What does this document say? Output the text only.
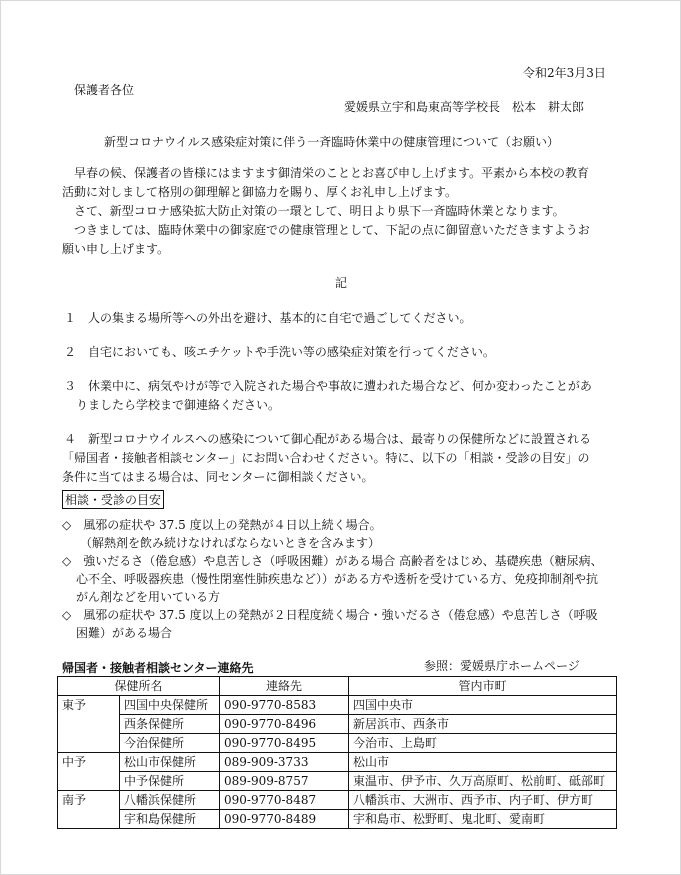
令和2年3月3日
保護者各位
愛媛県立宇和島東高等学校長　松本　耕太郎
新型コロナウイルス感染症対策に伴う一斉臨時休業中の健康管理について（お願い）

早春の候、保護者の皆様にはますます御清栄のこととお喜び申し上げます。平素から本校の教育

活動に対しまして格別の御理解と御協力を賜り、厚くお礼申し上げます。

さて、新型コロナ感染拡大防止対策の一環として、明日より県下一斉臨時休業となります。

つきましては、臨時休業中の御家庭での健康管理として、下記の点に御留意いただきますようお

願い申し上げます。

記
１　人の集まる場所等への外出を避け、基本的に自宅で過ごしてください。
２　自宅においても、咳エチケットや手洗い等の感染症対策を行ってください。

３　休業中に、病気やけが等で入院された場合や事故に遭われた場合など、何か変わったことがあ

りましたら学校まで御連絡ください。

４　新型コロナウイルスへの感染について御心配がある場合は、最寄りの保健所などに設置される

「帰国者・接触者相談センター」にお問い合わせください。特に、以下の「相談・受診の目安」の

条件に当てはまる場合は、同センターに御相談ください。

相談・受診の目安

◇　風邪の症状や 37.5 度以上の発熱が４日以上続く場合。

（解熱剤を飲み続けなければならないときを含みます）

◇　強いだるさ（倦怠感）や息苦しさ（呼吸困難）がある場合 高齢者をはじめ、基礎疾患（糖尿病、

心不全、呼吸器疾患（慢性閉塞性肺疾患など））がある方や透析を受けている方、免疫抑制剤や抗

がん剤などを用いている方

◇　風邪の症状や 37.5 度以上の発熱が２日程度続く場合・強いだるさ（倦怠感）や息苦しさ（呼吸

困難）がある場合

帰国者・接触者相談センター連絡先	参照：愛媛県庁ホームページ
保健所名		連絡先	管内市町
東予	四国中央保健所	090-9770-8583	四国中央市
	西条保健所	090-9770-8496	新居浜市、西条市
	今治保健所	090-9770-8495	今治市、上島町
中予	松山市保健所	089-909-3733	松山市
	中予保健所	089-909-8757	東温市、伊予市、久万高原町、松前町、砥部町
南予	八幡浜保健所	090-9770-8487	八幡浜市、大洲市、西予市、内子町、伊方町
	宇和島保健所	090-9770-8489	宇和島市、松野町、鬼北町、愛南町
